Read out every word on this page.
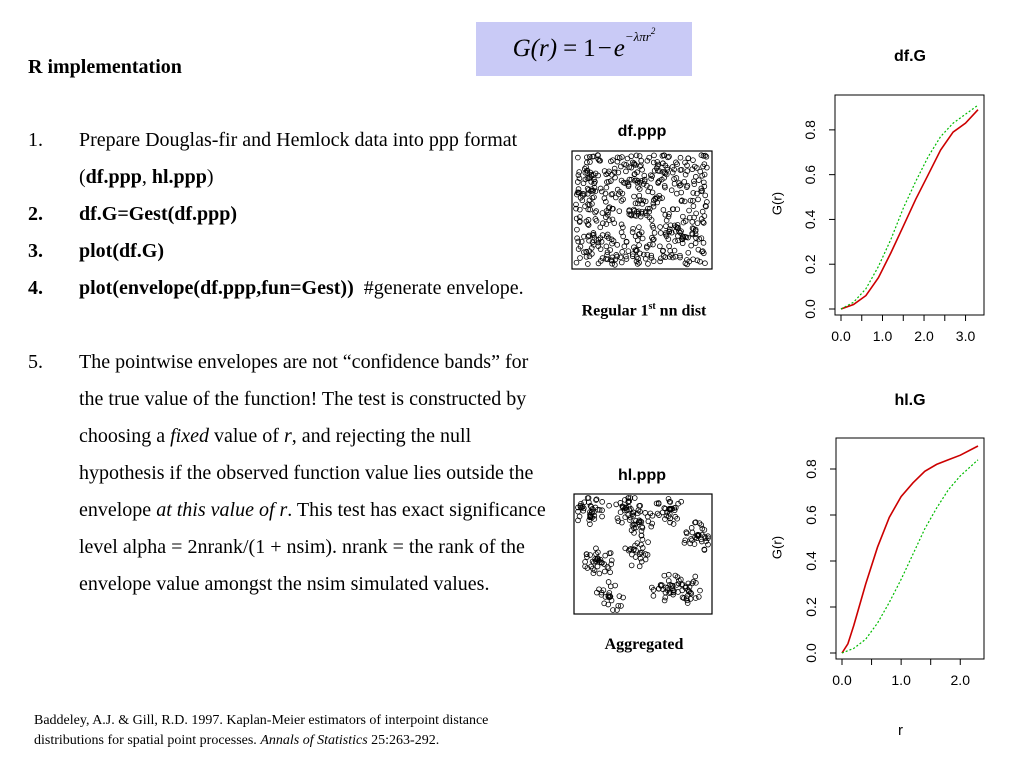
G(r) = 1 − e −λπr$^2$
R implementation
1. Prepare Douglas-fir and Hemlock data into ppp format (df.ppp, hl.ppp)
2. df.G=Gest(df.ppp)
3. plot(df.G)
4. plot(envelope(df.ppp,fun=Gest))  #generate envelope.
5. The pointwise envelopes are not “confidence bands” for the true value of the function! The test is constructed by choosing a fixed value of r, and rejecting the null hypothesis if the observed function value lies outside the envelope at this value of r. This test has exact significance level alpha = 2nrank/(1 + nsim). nrank = the rank of the envelope value amongst the nsim simulated values.
df.ppp
Regular 1st nn dist
hl.ppp
Aggregated
df.G
G(r)
0.0
0.2
0.4
0.6
0.8
0.0 1.0 2.0 3.0
hl.G
G(r)
r
0.0
0.2
0.4
0.6
0.8
0.0	1.0	2.0
Baddeley, A.J. & Gill, R.D. 1997. Kaplan-Meier estimators of interpoint distance
distributions for spatial point processes. Annals of Statistics 25:263-292.
